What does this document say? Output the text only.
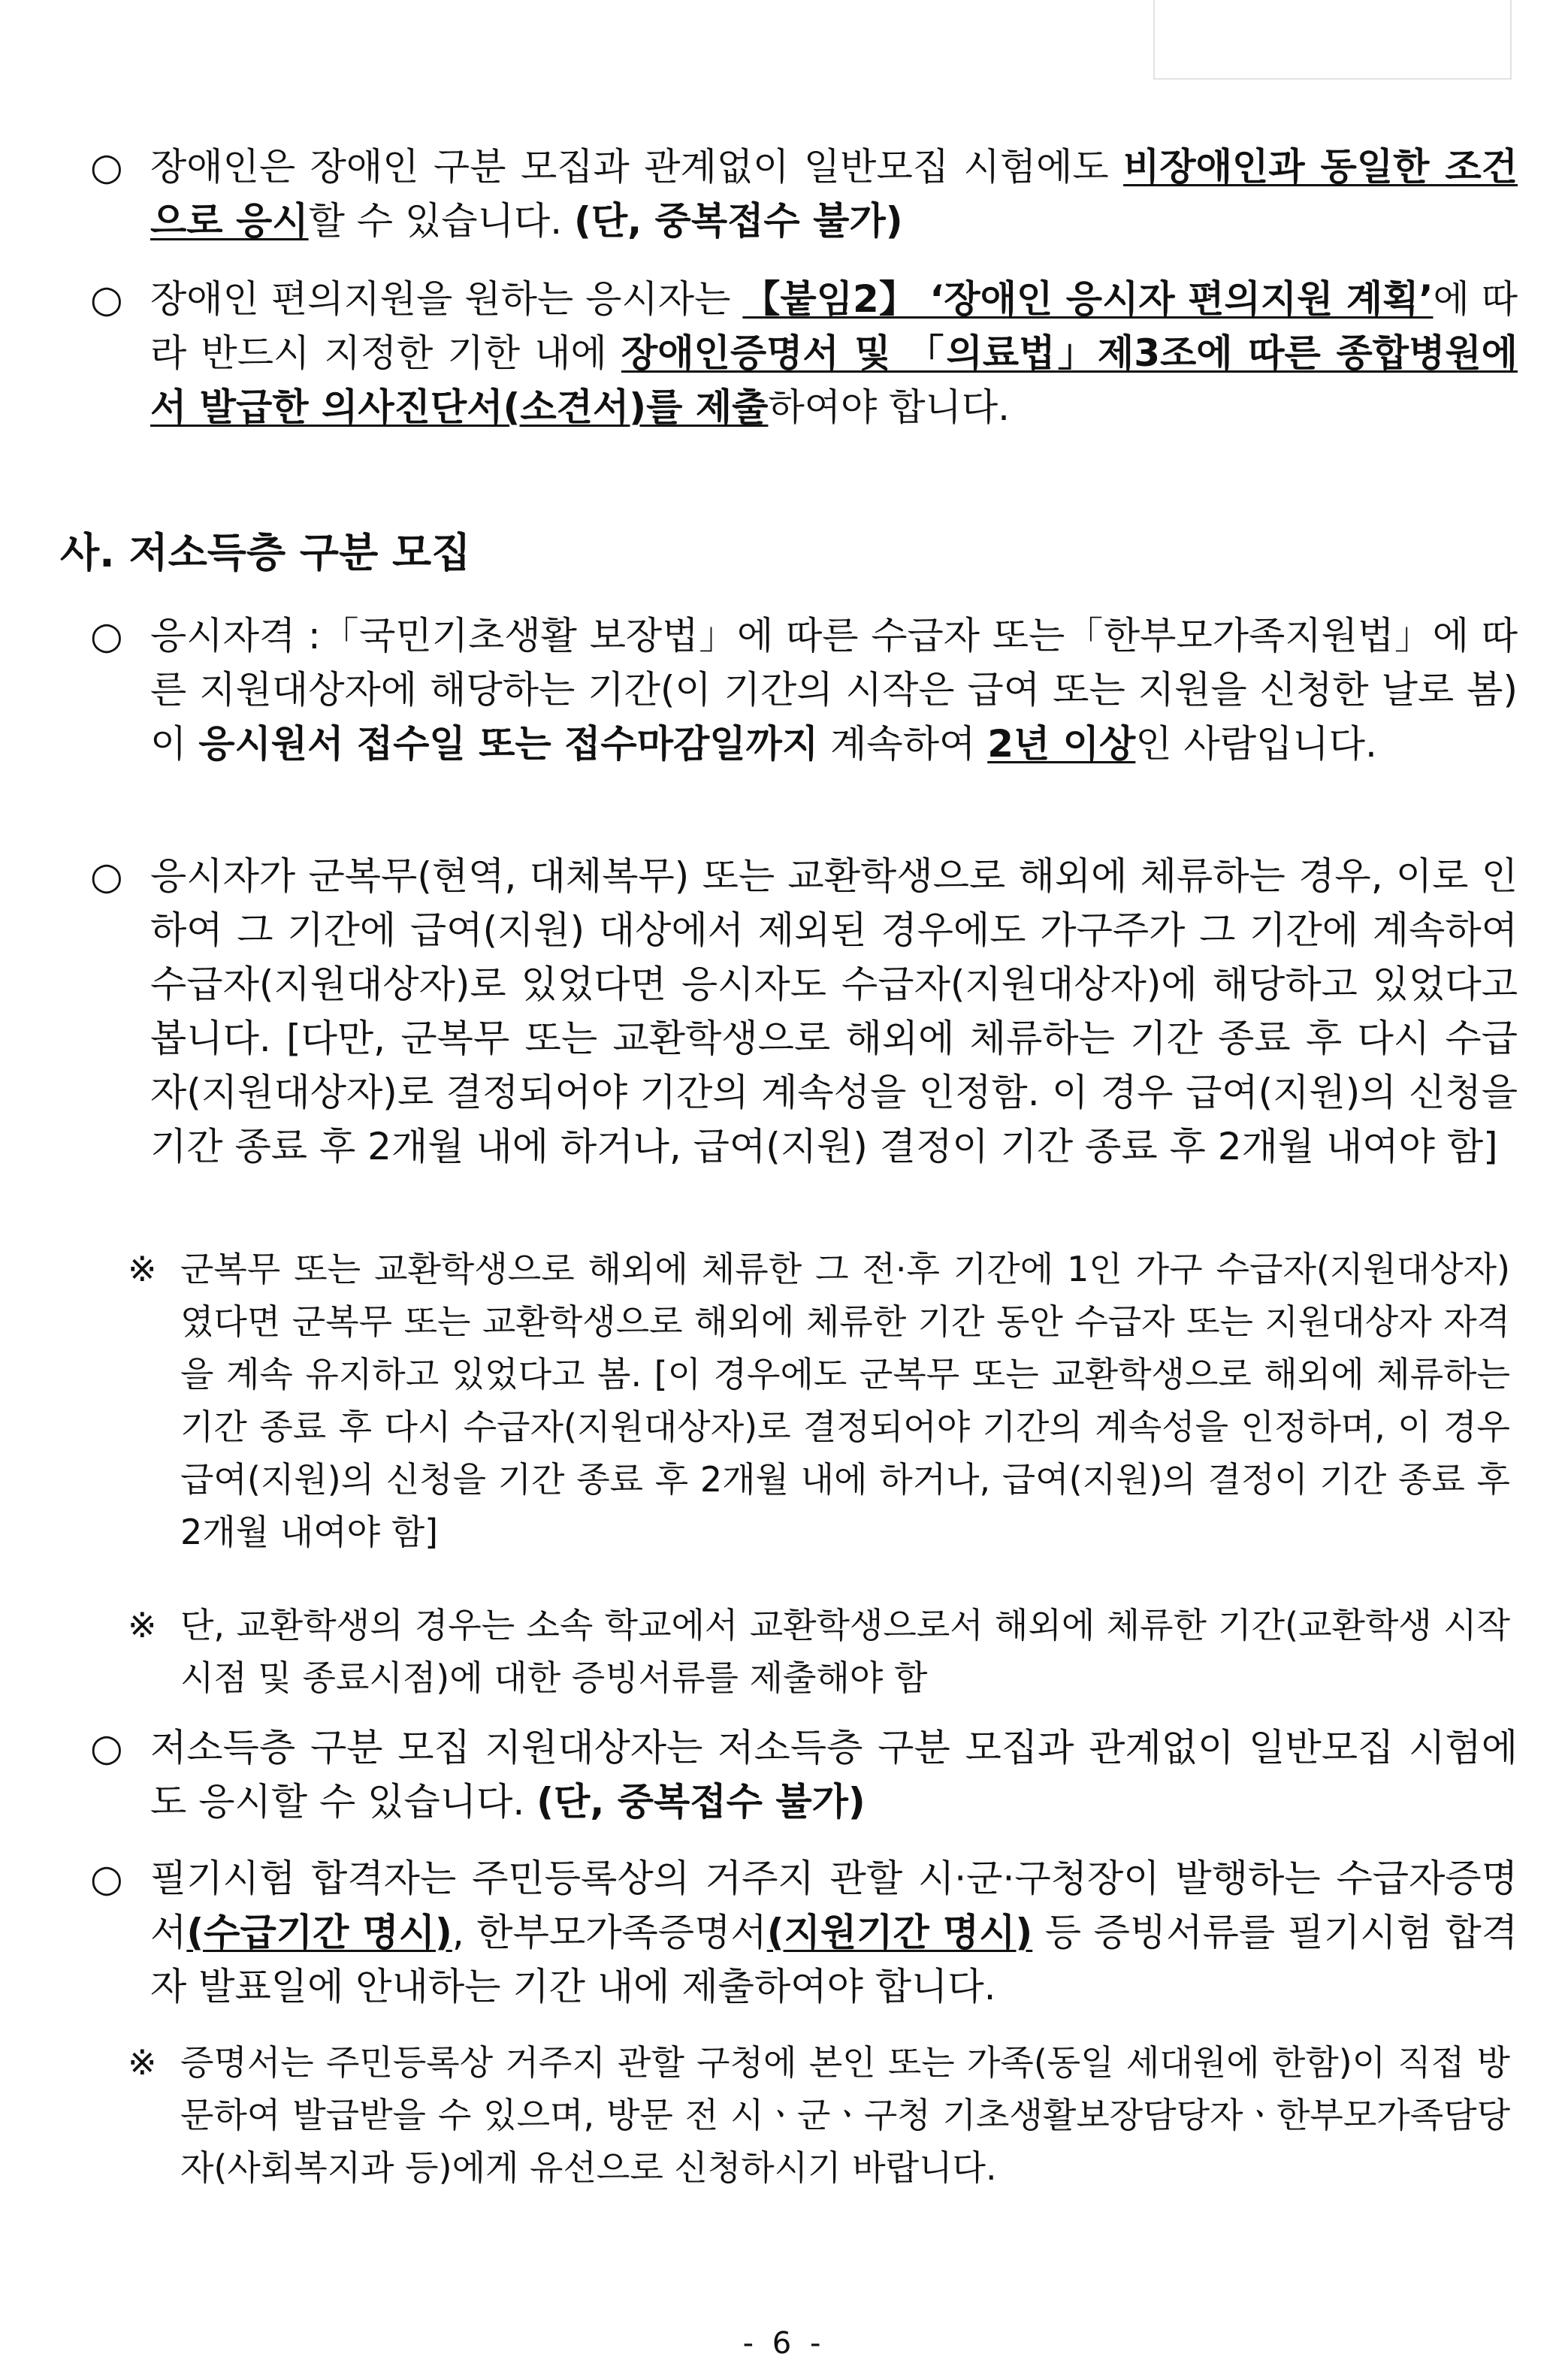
○ 장애인은 장애인 구분 모집과 관계없이 일반모집 시험에도 비장애인과 동일한 조건으로 응시할 수 있습니다. (단, 중복접수 불가)
○ 장애인 편의지원을 원하는 응시자는 【붙임2】 ‘장애인 응시자 편의지원 계획’에 따라 반드시 지정한 기한 내에 장애인증명서 및 「의료법」제3조에 따른 종합병원에서 발급한 의사진단서(소견서)를 제출하여야 합니다.
사. 저소득층 구분 모집
○ 응시자격 :「국민기초생활 보장법」에 따른 수급자 또는「한부모가족지원법」에 따른 지원대상자에 해당하는 기간(이 기간의 시작은 급여 또는 지원을 신청한 날로 봄)이 응시원서 접수일 또는 접수마감일까지 계속하여 2년 이상인 사람입니다.
○ 응시자가 군복무(현역, 대체복무) 또는 교환학생으로 해외에 체류하는 경우, 이로 인하여 그 기간에 급여(지원) 대상에서 제외된 경우에도 가구주가 그 기간에 계속하여 수급자(지원대상자)로 있었다면 응시자도 수급자(지원대상자)에 해당하고 있었다고 봅니다. [다만, 군복무 또는 교환학생으로 해외에 체류하는 기간 종료 후 다시 수급자(지원대상자)로 결정되어야 기간의 계속성을 인정함. 이 경우 급여(지원)의 신청을 기간 종료 후 2개월 내에 하거나, 급여(지원) 결정이 기간 종료 후 2개월 내여야 함]
※ 군복무 또는 교환학생으로 해외에 체류한 그 전·후 기간에 1인 가구 수급자(지원대상자)였다면 군복무 또는 교환학생으로 해외에 체류한 기간 동안 수급자 또는 지원대상자 자격을 계속 유지하고 있었다고 봄. [이 경우에도 군복무 또는 교환학생으로 해외에 체류하는 기간 종료 후 다시 수급자(지원대상자)로 결정되어야 기간의 계속성을 인정하며, 이 경우 급여(지원)의 신청을 기간 종료 후 2개월 내에 하거나, 급여(지원)의 결정이 기간 종료 후 2개월 내여야 함]
※ 단, 교환학생의 경우는 소속 학교에서 교환학생으로서 해외에 체류한 기간(교환학생 시작시점 및 종료시점)에 대한 증빙서류를 제출해야 함
○ 저소득층 구분 모집 지원대상자는 저소득층 구분 모집과 관계없이 일반모집 시험에도 응시할 수 있습니다. (단, 중복접수 불가)
○ 필기시험 합격자는 주민등록상의 거주지 관할 시·군·구청장이 발행하는 수급자증명서(수급기간 명시), 한부모가족증명서(지원기간 명시) 등 증빙서류를 필기시험 합격자 발표일에 안내하는 기간 내에 제출하여야 합니다.
※ 증명서는 주민등록상 거주지 관할 구청에 본인 또는 가족(동일 세대원에 한함)이 직접 방문하여 발급받을 수 있으며, 방문 전 시ㆍ군ㆍ구청 기초생활보장담당자ㆍ한부모가족담당자(사회복지과 등)에게 유선으로 신청하시기 바랍니다.
- 6 -
